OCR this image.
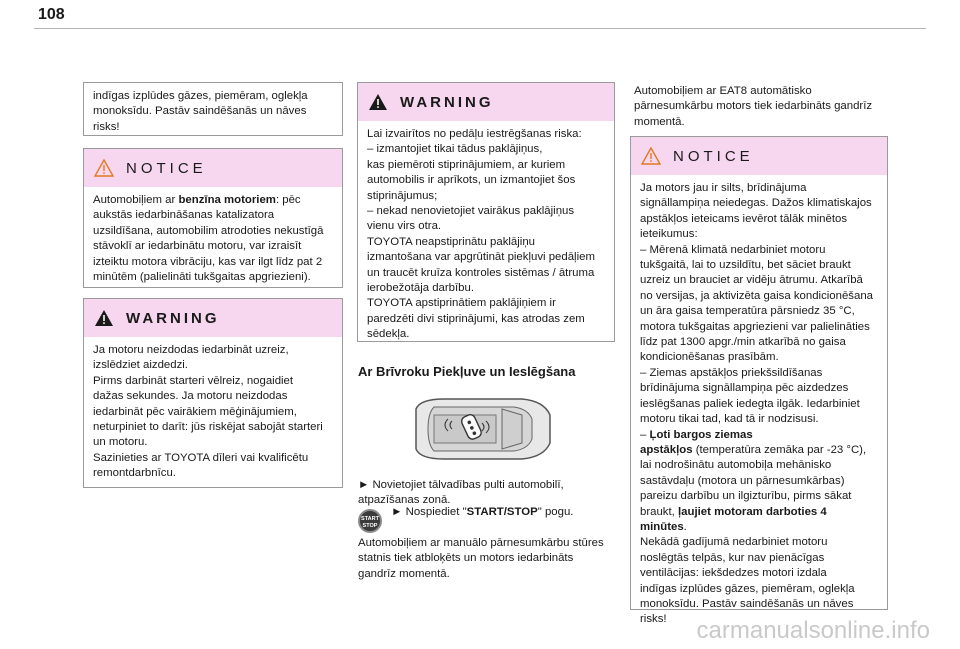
108
indīgas izplūdes gāzes, piemēram, oglekļa
monoksīdu. Pastāv saindēšanās un nāves
risks!
NOTICE
Automobiļiem ar benzīna motoriem: pēc
aukstās iedarbināšanas katalizatora
uzsildīšana, automobilim atrodoties nekustīgā
stāvoklī ar iedarbinātu motoru, var izraisīt
izteiktu motora vibrāciju, kas var ilgt līdz pat 2
minūtēm (palielināti tukšgaitas apgriezieni).
WARNING
Ja motoru neizdodas iedarbināt uzreiz,
izslēdziet aizdedzi.
Pirms darbināt starteri vēlreiz, nogaidiet
dažas sekundes. Ja motoru neizdodas
iedarbināt pēc vairākiem mēģinājumiem,
neturpiniet to darīt: jūs riskējat sabojāt starteri
un motoru.
Sazinieties ar TOYOTA dīleri vai kvalificētu
remontdarbnīcu.
WARNING
Lai izvairītos no pedāļu iestrēgšanas riska:
– izmantojiet tikai tādus paklājiņus,
kas piemēroti stiprinājumiem, ar kuriem
automobilis ir aprīkots, un izmantojiet šos
stiprinājumus;
– nekad nenovietojiet vairākus paklājiņus
vienu virs otra.
TOYOTA neapstiprinātu paklājiņu
izmantošana var apgrūtināt piekļuvi pedāļiem
un traucēt kruīza kontroles sistēmas / ātruma
ierobežotāja darbību.
TOYOTA apstiprinātiem paklājiņiem ir
paredzēti divi stiprinājumi, kas atrodas zem
sēdekļa.
Ar Brīvroku Piekļuve un Ieslēgšana
► Novietojiet tālvadības pulti automobilī,
atpazīšanas zonā.
START
STOP ► Nospiediet "START/STOP" pogu.
Automobiļiem ar manuālo pārnesumkārbu stūres
statnis tiek atbloķēts un motors iedarbināts
gandrīz momentā.
Automobiļiem ar EAT8 automātisko
pārnesumkārbu motors tiek iedarbināts gandrīz
momentā.
NOTICE
Ja motors jau ir silts, brīdinājuma
signāllampiņa neiedegas. Dažos klimatiskajos
apstākļos ieteicams ievērot tālāk minētos
ieteikumus:
– Mērenā klimatā nedarbiniet motoru
tukšgaitā, lai to uzsildītu, bet sāciet braukt
uzreiz un brauciet ar vidēju ātrumu. Atkarībā
no versijas, ja aktivizēta gaisa kondicionēšana
un āra gaisa temperatūra pārsniedz 35 °C,
motora tukšgaitas apgriezieni var palielināties
līdz pat 1300 apgr./min atkarībā no gaisa
kondicionēšanas prasībām.
– Ziemas apstākļos priekšsildīšanas
brīdinājuma signāllampiņa pēc aizdedzes
ieslēgšanas paliek iedegta ilgāk. Iedarbiniet
motoru tikai tad, kad tā ir nodzisusi.
– Ļoti bargos ziemas
apstākļos (temperatūra zemāka par -23 °C),
lai nodrošinātu automobiļa mehānisko
sastāvdaļu (motora un pārnesumkārbas)
pareizu darbību un ilgizturību, pirms sākat
braukt, ļaujiet motoram darboties 4
minūtes.
Nekādā gadījumā nedarbiniet motoru
noslēgtās telpās, kur nav pienācīgas
ventilācijas: iekšdedzes motori izdala
indīgas izplūdes gāzes, piemēram, oglekļa
monoksīdu. Pastāv saindēšanās un nāves
risks!	carmanualsonline.info
